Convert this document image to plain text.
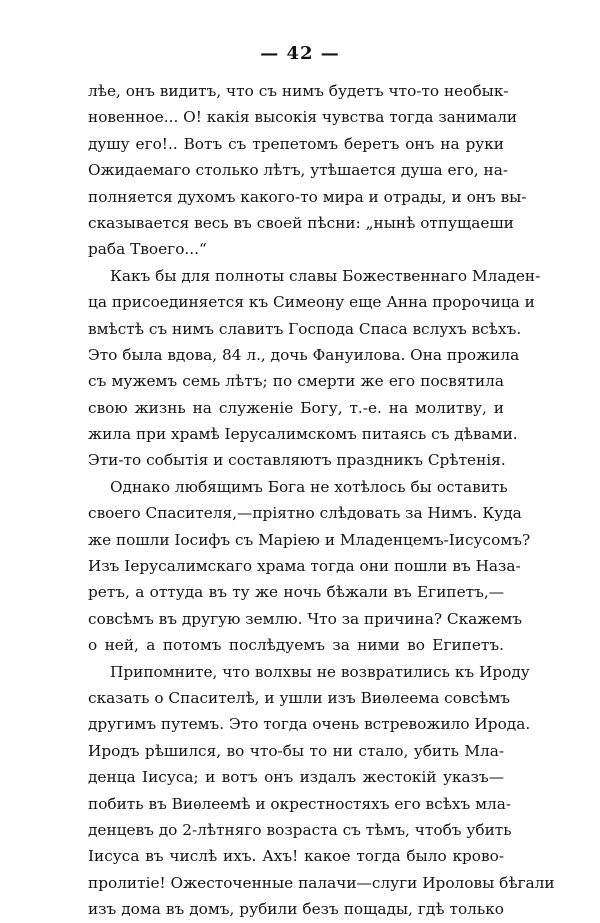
— 42 —
лѣе, онъ видитъ, что съ нимъ будетъ что-то необык-
новенное... О! какія высокія чувства тогда занимали
душу его!.. Вотъ съ трепетомъ беретъ онъ на руки
Ожидаемаго столько лѣтъ, утѣшается душа его, на-
полняется духомъ какого-то мира и отрады, и онъ вы-
сказывается весь въ своей пѣсни: „нынѣ отпущаеши
раба Твоего...“
Какъ бы для полноты славы Божественнаго Младен-
ца присоединяется къ Симеону еще Анна пророчица и
вмѣстѣ съ нимъ славитъ Господа Спаса вслухъ всѣхъ.
Это была вдова, 84 л., дочь Фануилова. Она прожила
съ мужемъ семь лѣтъ; по смерти же его посвятила
свою жизнь на служеніе Богу, т.-е. на молитву, и
жила при храмѣ Іерусалимскомъ питаясь съ дѣвами.
Эти-то событія и составляютъ праздникъ Срѣтенія.
Однако любящимъ Бога не хотѣлось бы оставить
своего Спасителя,—пріятно слѣдовать за Нимъ. Куда
же пошли Іосифъ съ Маріею и Младенцемъ-Іисусомъ?
Изъ Іерусалимскаго храма тогда они пошли въ Наза-
ретъ, а оттуда въ ту же ночь бѣжали въ Египетъ,—
совсѣмъ въ другую землю. Что за причина? Скажемъ
о ней, а потомъ послѣдуемъ за ними во Египетъ.
Припомните, что волхвы не возвратились къ Ироду
сказать о Спасителѣ, и ушли изъ Виѳлеема совсѣмъ
другимъ путемъ. Это тогда очень встревожило Ирода.
Иродъ рѣшился, во что-бы то ни стало, убить Мла-
денца Іисуса; и вотъ онъ издалъ жестокій указъ—
побить въ Виѳлеемѣ и окрестностяхъ его всѣхъ мла-
денцевъ до 2-лѣтняго возраста съ тѣмъ, чтобъ убить
Іисуса въ числѣ ихъ. Ахъ! какое тогда было крово-
пролитіе! Ожесточенные палачи—слуги Ироловы бѣгали
изъ дома въ домъ, рубили безъ пощады, гдѣ только
